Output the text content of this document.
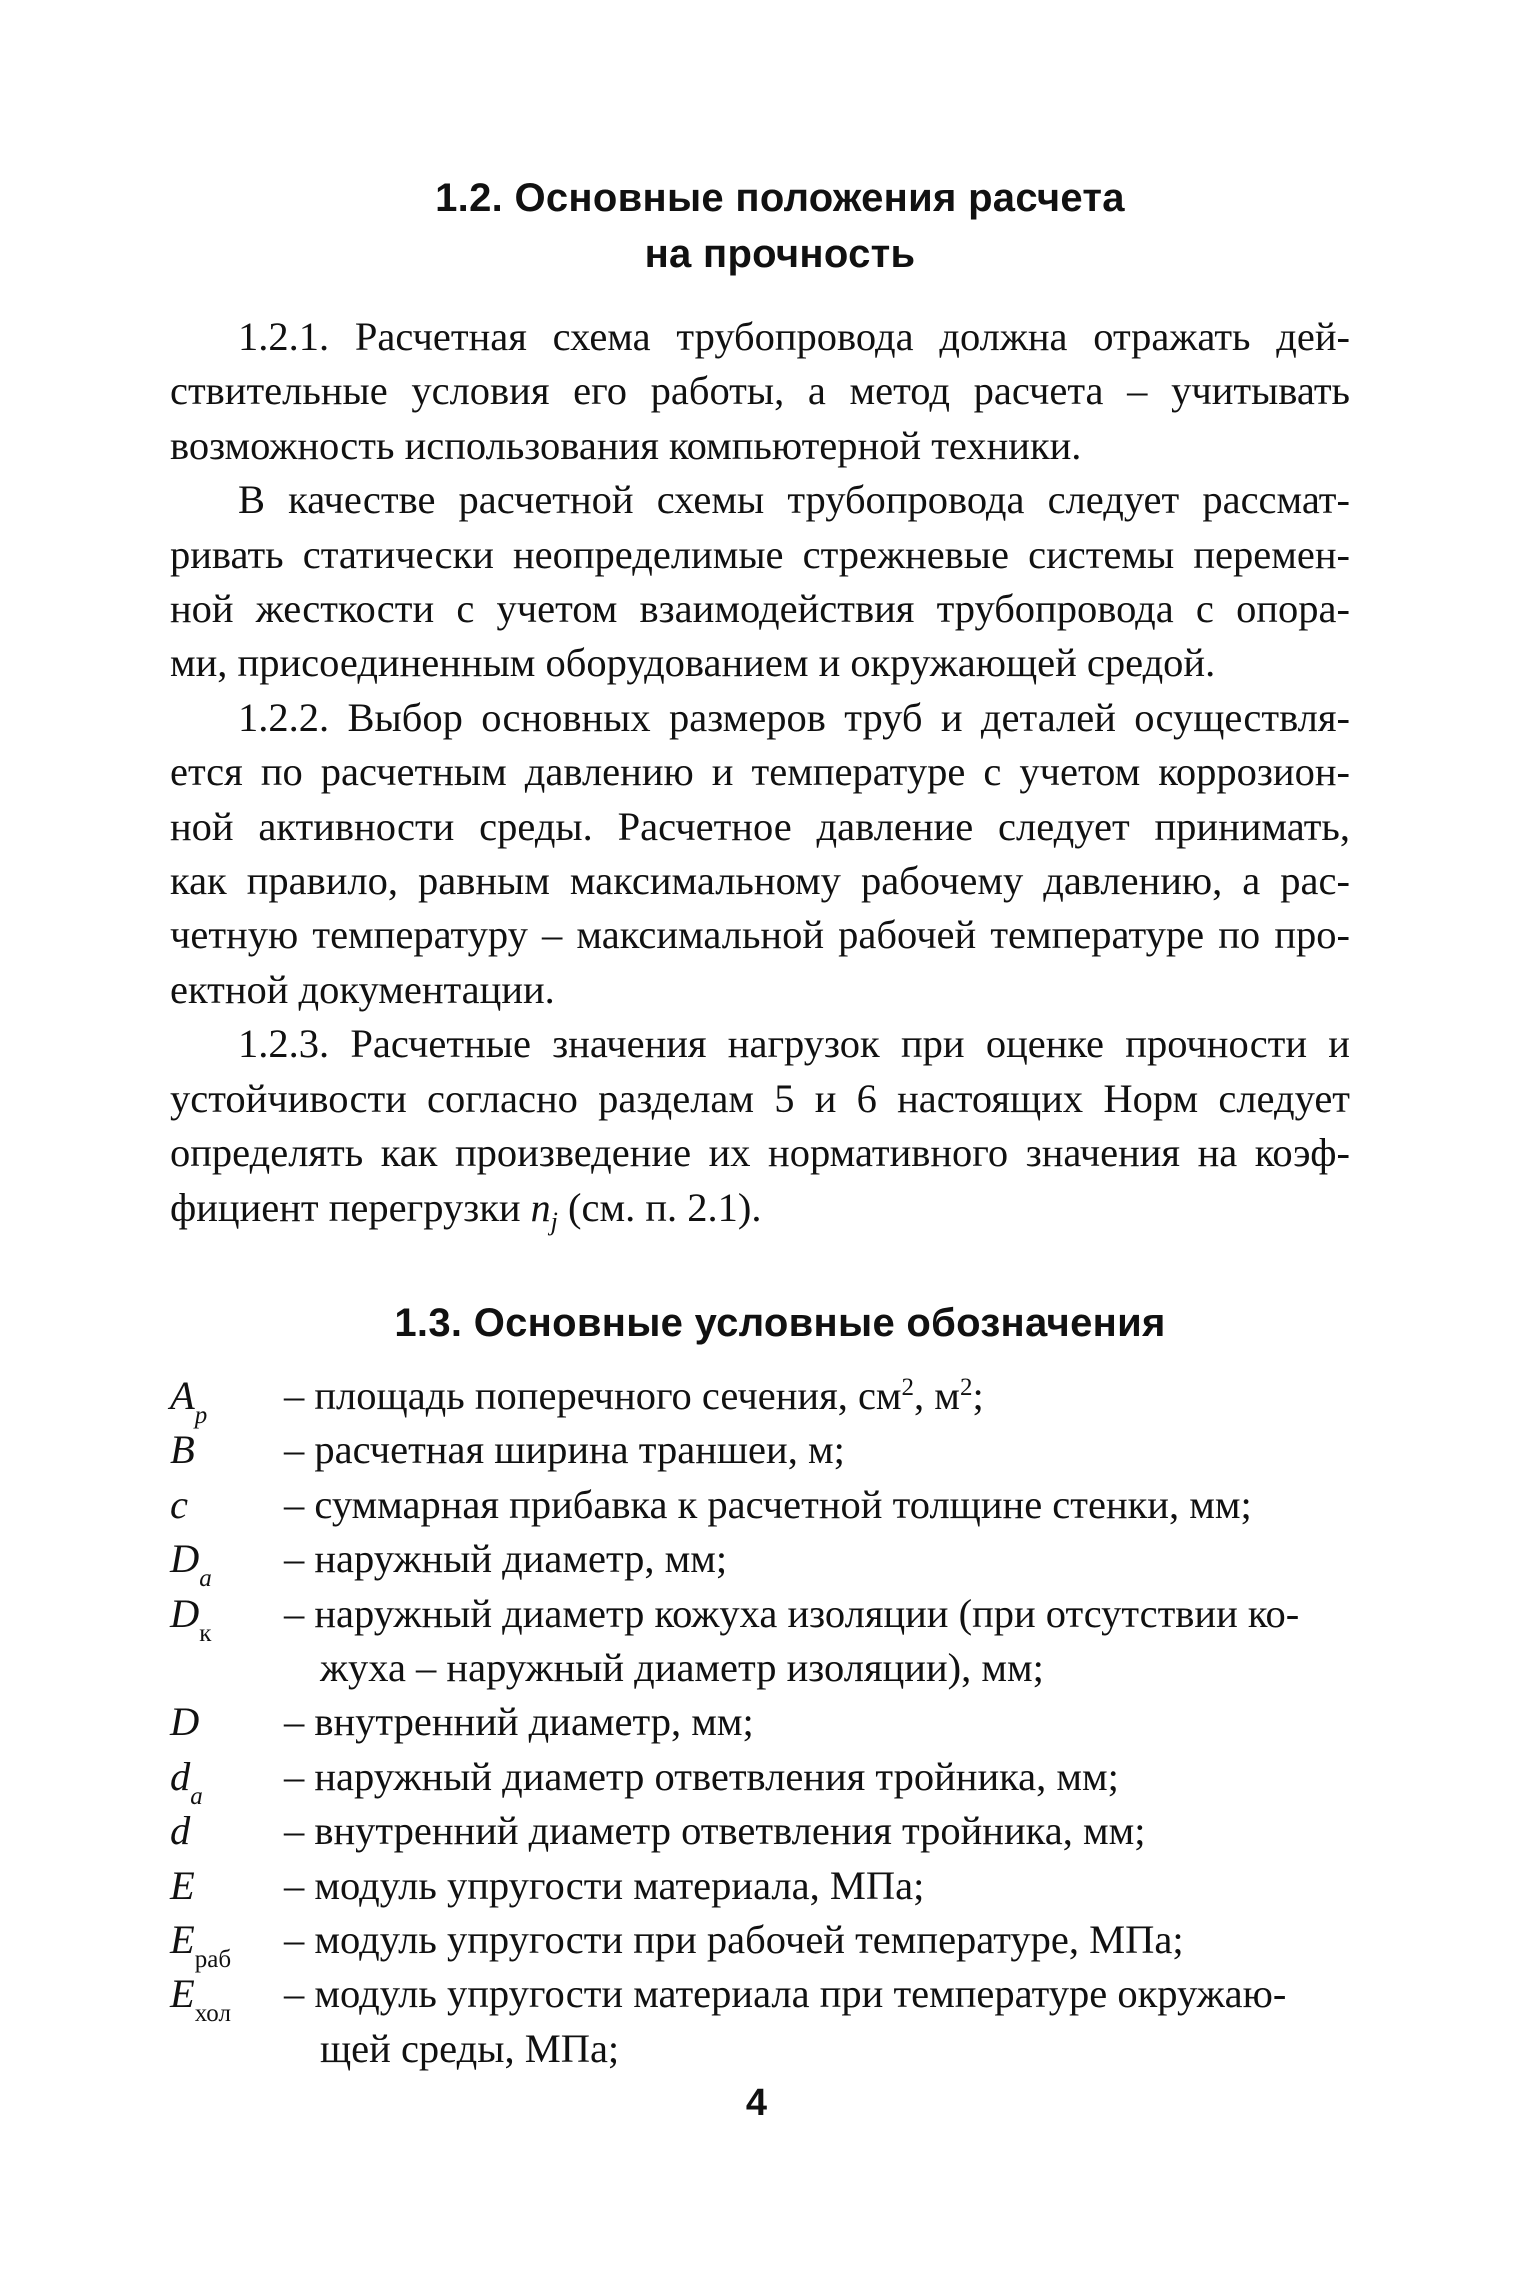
1.2. Основные положения расчета
на прочность

1.2.1. Расчетная схема трубопровода должна отражать дей-
ствительные условия его работы, а метод расчета – учитывать
возможность использования компьютерной техники.

В качестве расчетной схемы трубопровода следует рассмат-
ривать статически неопределимые стрежневые системы перемен-
ной жесткости с учетом взаимодействия трубопровода с опора-
ми, присоединенным оборудованием и окружающей средой.

1.2.2. Выбор основных размеров труб и деталей осуществля-
ется по расчетным давлению и температуре с учетом коррозион-
ной активности среды. Расчетное давление следует принимать,
как правило, равным максимальному рабочему давлению, а рас-
четную температуру – максимальной рабочей температуре по про-
ектной документации.

1.2.3. Расчетные значения нагрузок при оценке прочности и
устойчивости согласно разделам 5 и 6 настоящих Норм следует
определять как произведение их нормативного значения на коэф-
фициент перегрузки $n_j$ (см. п. 2.1).

1.3. Основные условные обозначения
$A_p$	– площадь поперечного сечения, $см^2$, $м^2$;
B	– расчетная ширина траншеи, м;
c	– суммарная прибавка к расчетной толщине стенки, мм;
$D_a$	– наружный диаметр, мм;
$D_к$	– наружный диаметр кожуха изоляции (при отсутствии ко-
жуха – наружный диаметр изоляции), мм;
D	– внутренний диаметр, мм;
$d_a$	– наружный диаметр ответвления тройника, мм;
d	– внутренний диаметр ответвления тройника, мм;
E	– модуль упругости материала, МПа;
$E_{раб}$	– модуль упругости при рабочей температуре, МПа;
$E_{хол}$	– модуль упругости материала при температуре окружаю-
щей среды, МПа;
4
